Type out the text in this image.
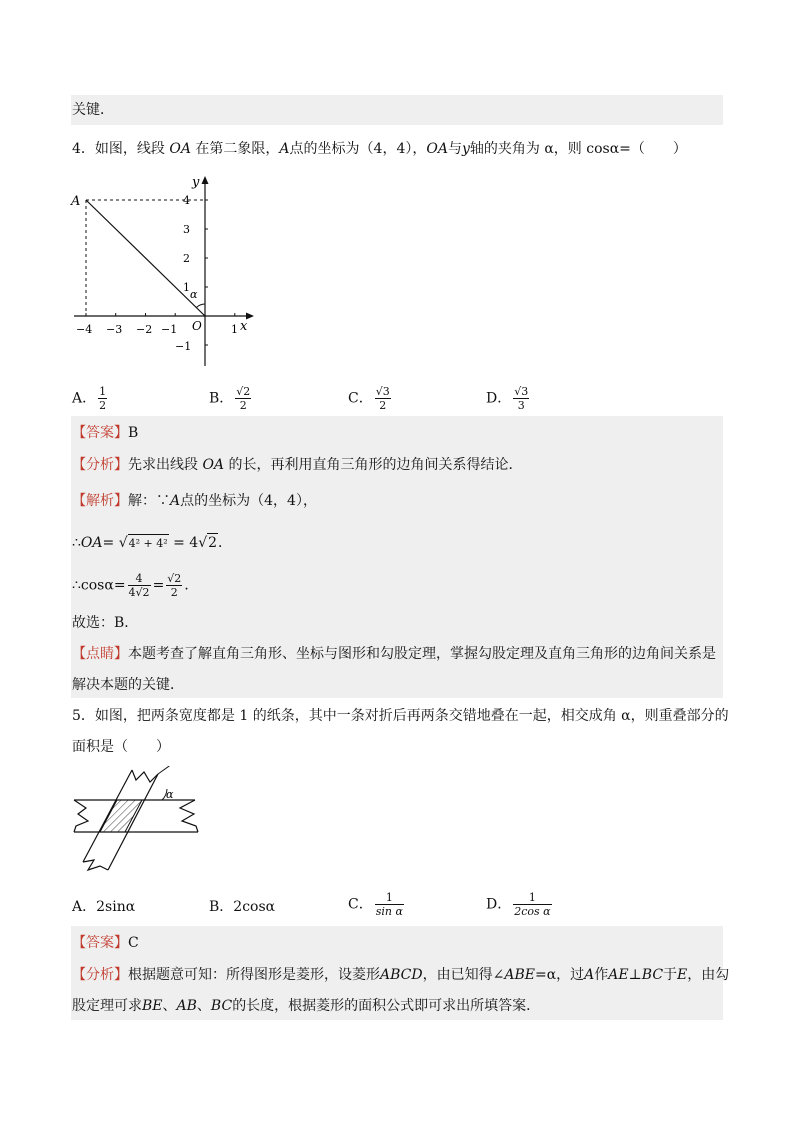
关键．
4．如图，线段 OA 在第二象限，A点的坐标为（4，4），OA与y轴的夹角为 α，则 cosα=（　　）
A
y
x
O
α
4
3
2
1
−1
−4 −3 −2 −1	1
A． $\frac{1}{2}$	B． $\frac{√2}{2}$	C． $\frac{√3}{2}$	D． $\frac{√3}{3}$
【答案】B
【分析】先求出线段 OA 的长，再利用直角三角形的边角间关系得结论．
【解析】解：∵A点的坐标为（4，4），
∴OA= √4² + 4² = 4√2．
∴cosα= $\frac{4}{4√2} = \frac{√2}{2}$ ．
故选：B．
【点睛】本题考查了解直角三角形、坐标与图形和勾股定理，掌握勾股定理及直角三角形的边角间关系是
解决本题的关键．
5．如图，把两条宽度都是 1 的纸条，其中一条对折后再两条交错地叠在一起，相交成角 α，则重叠部分的
面积是（　　）
α
A．2sinα	B．2cosα	C． $\frac{1}{\text{sin α}}$	D． $\frac{1}{\text{2cos α}}$
【答案】C
【分析】根据题意可知：所得图形是菱形，设菱形ABCD，由已知得∠ABE=α，过A作AE⊥BC于E，由勾
股定理可求BE、AB、BC的长度，根据菱形的面积公式即可求出所填答案．
